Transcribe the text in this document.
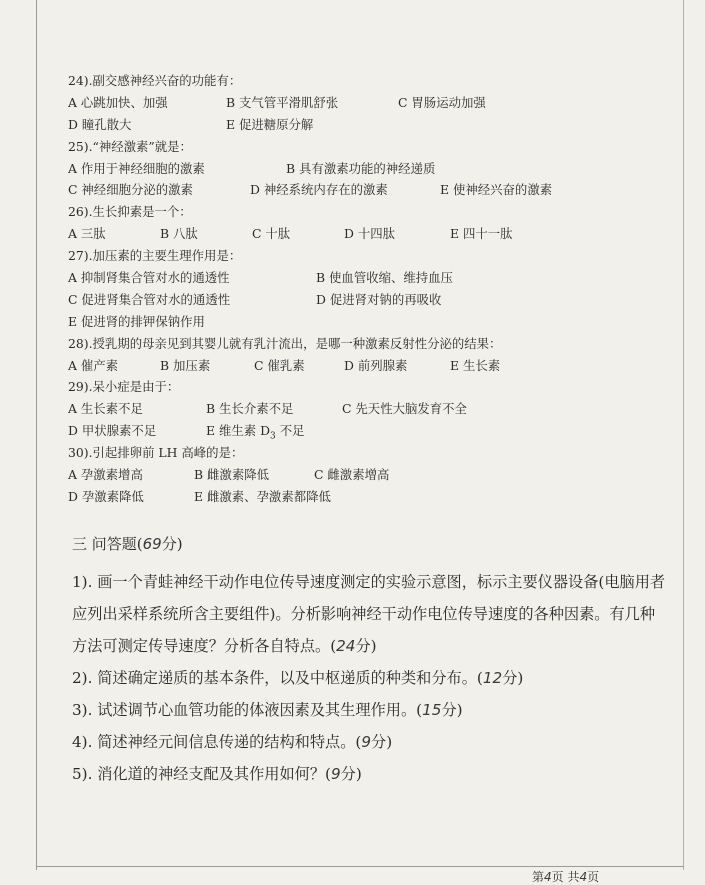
24).副交感神经兴奋的功能有：
A 心跳加快、加强	B 支气管平滑肌舒张	C 胃肠运动加强
D 瞳孔散大	E 促进糖原分解
25).“神经激素”就是：
A 作用于神经细胞的激素	B 具有激素功能的神经递质
C 神经细胞分泌的激素	D 神经系统内存在的激素	E 使神经兴奋的激素
26).生长抑素是一个：
A 三肽	B 八肽	C 十肽	D 十四肽	E 四十一肽
27).加压素的主要生理作用是：
A 抑制肾集合管对水的通透性	B 使血管收缩、维持血压
C 促进肾集合管对水的通透性	D 促进肾对钠的再吸收
E 促进肾的排钾保钠作用
28).授乳期的母亲见到其婴儿就有乳汁流出，是哪一种激素反射性分泌的结果：
A 催产素	B 加压素	C 催乳素	D 前列腺素	E 生长素
29).呆小症是由于：
A 生长素不足	B 生长介素不足	C 先天性大脑发育不全
D 甲状腺素不足	E 维生素 $D_3$ 不足
30).引起排卵前 LH 高峰的是：
A 孕激素增高	B 雌激素降低	C 雌激素增高
D 孕激素降低	E 雌激素、孕激素都降低
三 问答题(69分)

1). 画一个青蛙神经干动作电位传导速度测定的实验示意图，标示主要仪器设备(电脑用者应列出采样系统所含主要组件)。分析影响神经干动作电位传导速度的各种因素。有几种方法可测定传导速度？分析各自特点。(24分)

2). 简述确定递质的基本条件，以及中枢递质的种类和分布。(12分)

3). 试述调节心血管功能的体液因素及其生理作用。(15分)

4). 简述神经元间信息传递的结构和特点。(9分)

5). 消化道的神经支配及其作用如何？(9分)

第4页 共4页
